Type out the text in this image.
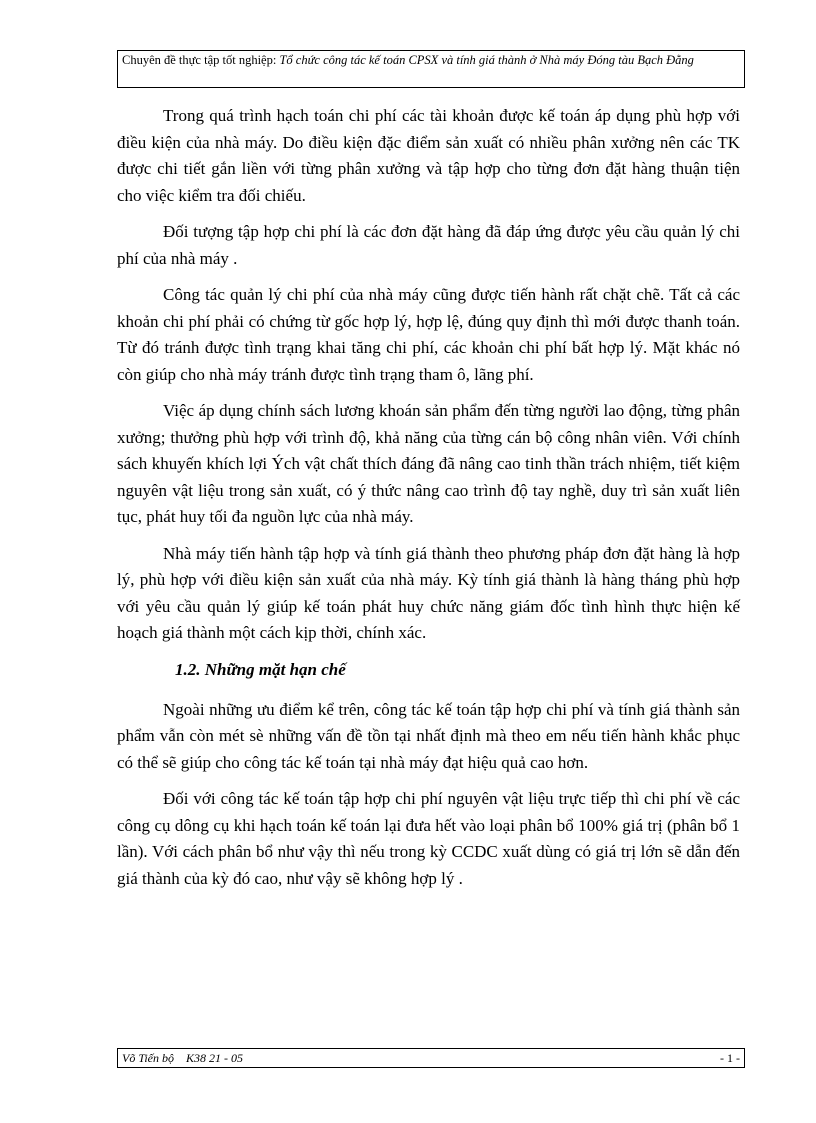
Chuyên đề thực tập tốt nghiệp: Tổ chức công tác kế toán CPSX và tính giá thành ở Nhà máy Đóng tàu Bạch Đằng

Trong quá trình hạch toán chi phí các tài khoản được kế toán áp dụng phù hợp với điều kiện của nhà máy. Do điều kiện đặc điểm sản xuất có nhiều phân xưởng nên các TK được chi tiết gắn liền với từng phân xưởng và tập hợp cho từng đơn đặt hàng thuận tiện cho việc kiểm tra đối chiếu.

Đối tượng tập hợp chi phí là các đơn đặt hàng đã đáp ứng được yêu cầu quản lý chi phí của nhà máy .

Công tác quản lý chi phí của nhà máy cũng được tiến hành rất chặt chẽ. Tất cả các khoản chi phí phải có chứng từ gốc hợp lý, hợp lệ, đúng quy định thì mới được thanh toán. Từ đó tránh được tình trạng khai tăng chi phí, các khoản chi phí bất hợp lý. Mặt khác nó còn giúp cho nhà máy tránh được tình trạng tham ô, lãng phí.

Việc áp dụng chính sách lương khoán sản phẩm đến từng người lao động, từng phân xưởng; thưởng phù hợp với trình độ, khả năng của từng cán bộ công nhân viên. Với chính sách khuyến khích lợi Ých vật chất thích đáng đã nâng cao tinh thần trách nhiệm, tiết kiệm nguyên vật liệu trong sản xuất, có ý thức nâng cao trình độ tay nghề, duy trì sản xuất liên tục, phát huy tối đa nguồn lực của nhà máy.

Nhà máy tiến hành tập hợp và tính giá thành theo phương pháp đơn đặt hàng là hợp lý, phù hợp với điều kiện sản xuất của nhà máy. Kỳ tính giá thành là hàng tháng phù hợp với yêu cầu quản lý giúp kế toán phát huy chức năng giám đốc tình hình thực hiện kế hoạch giá thành một cách kịp thời, chính xác.

1.2. Những mặt hạn chế

Ngoài những ưu điểm kể trên, công tác kế toán tập hợp chi phí và tính giá thành sản phẩm vẫn còn mét sè những vấn đề tồn tại nhất định mà theo em nếu tiến hành khắc phục có thể sẽ giúp cho công tác kế toán tại nhà máy đạt hiệu quả cao hơn.

Đối với công tác kế toán tập hợp chi phí nguyên vật liệu trực tiếp thì chi phí về các công cụ dông cụ khi hạch toán kế toán lại đưa hết vào loại phân bổ 100% giá trị (phân bổ 1 lần). Với cách phân bổ như vậy thì nếu trong kỳ CCDC xuất dùng có giá trị lớn sẽ dẫn đến giá thành của kỳ đó cao, như vậy sẽ không hợp lý .

Võ Tiến bộ K38 21 - 05	- 1 -
